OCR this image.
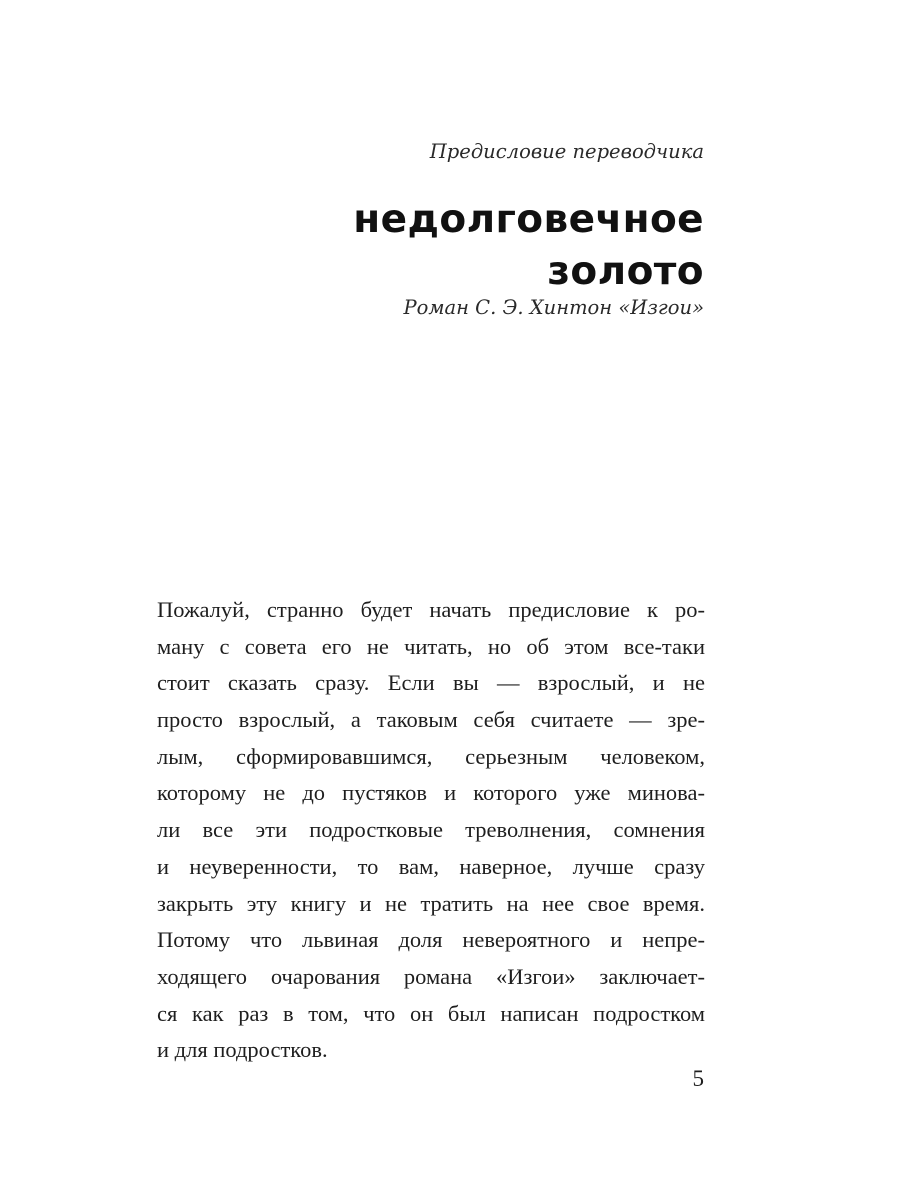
Предисловие переводчика
недолговечное
золото
Роман С. Э. Хинтон «Изгои»
Пожалуй, странно будет начать предисловие к ро-
ману с совета его не читать, но об этом все-таки
стоит сказать сразу. Если вы — взрослый, и не
просто взрослый, а таковым себя считаете — зре-
лым, сформировавшимся, серьезным человеком,
которому не до пустяков и которого уже минова-
ли все эти подростковые треволнения, сомнения
и неуверенности, то вам, наверное, лучше сразу
закрыть эту книгу и не тратить на нее свое время.
Потому что львиная доля невероятного и непре-
ходящего очарования романа «Изгои» заключает-
ся как раз в том, что он был написан подростком
и для подростков.
5
